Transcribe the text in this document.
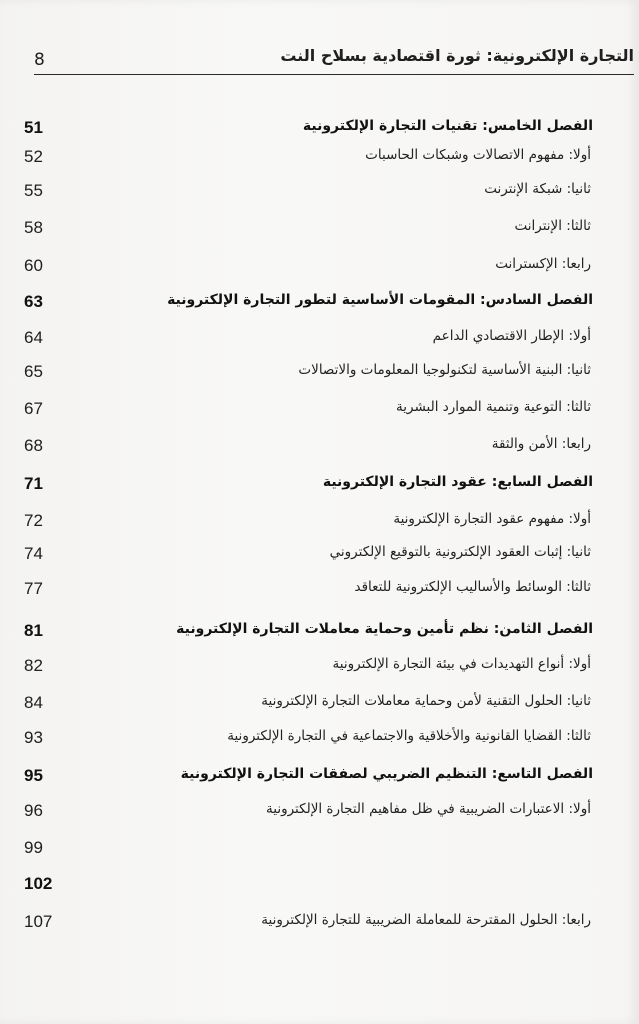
التجارة الإلكترونية: ثورة اقتصادية بسلاح النت
8
51	الفصل الخامس: تقنيات التجارة الإلكترونية
52	أولا: مفهوم الاتصالات وشبكات الحاسبات
55	ثانيا: شبكة الإنترنت
58	ثالثا: الإنترانت
60	رابعا: الإكسترانت
63	الفصل السادس: المقومات الأساسية لتطور التجارة الإلكترونية
64	أولا: الإطار الاقتصادي الداعم
65	ثانيا: البنية الأساسية لتكنولوجيا المعلومات والاتصالات
67	ثالثا: التوعية وتنمية الموارد البشرية
68	رابعا: الأمن والثقة
71	الفصل السابع: عقود التجارة الإلكترونية
72	أولا: مفهوم عقود التجارة الإلكترونية
74	ثانيا: إثبات العقود الإلكترونية بالتوقيع الإلكتروني
77	ثالثا: الوسائط والأساليب الإلكترونية للتعاقد
81	الفصل الثامن: نظم تأمين وحماية معاملات التجارة الإلكترونية
82	أولا: أنواع التهديدات في بيئة التجارة الإلكترونية
84	ثانيا: الحلول التقنية لأمن وحماية معاملات التجارة الإلكترونية
93	ثالثا: القضايا القانونية والأخلاقية والاجتماعية في التجارة الإلكترونية
95	الفصل التاسع: التنظيم الضريبي لصفقات التجارة الإلكترونية
96	أولا: الاعتبارات الضريبية في ظل مفاهيم التجارة الإلكترونية
99
102
107	رابعا: الحلول المقترحة للمعاملة الضريبية للتجارة الإلكترونية
